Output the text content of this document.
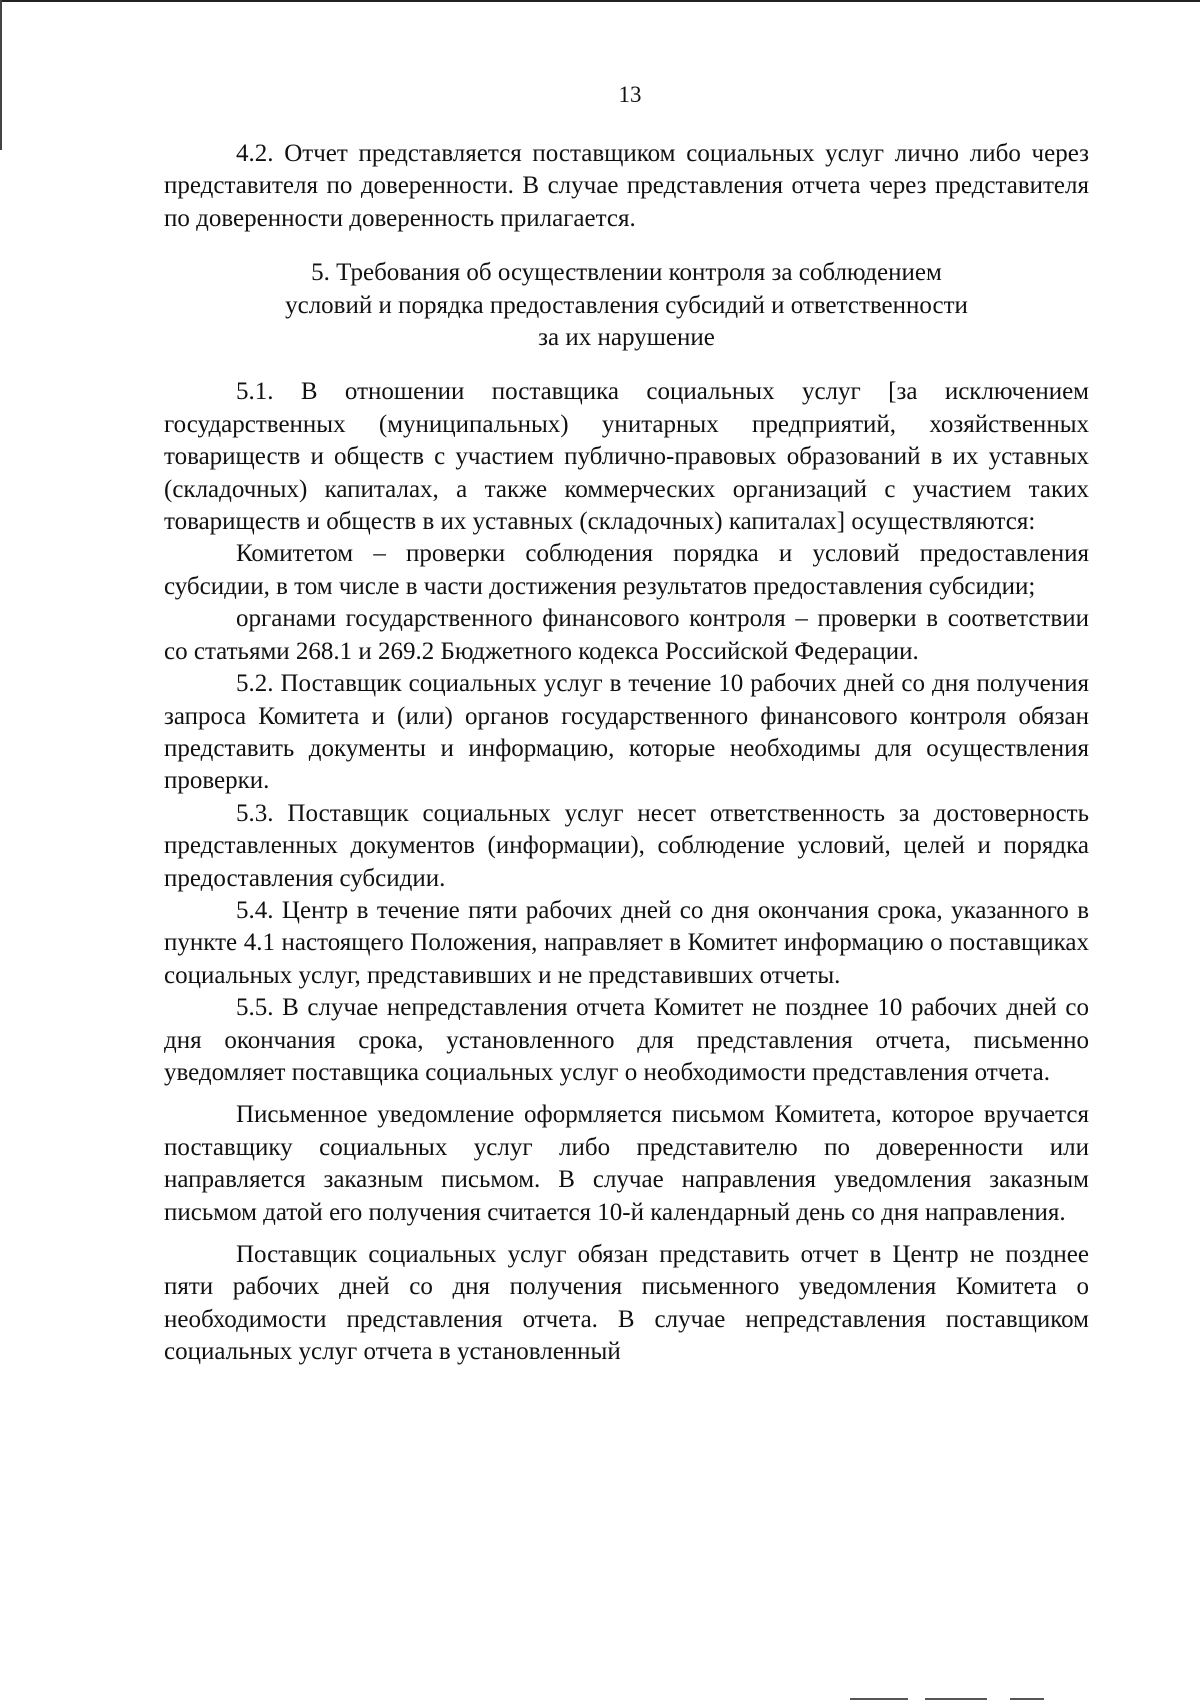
13

4.2. Отчет представляется поставщиком социальных услуг лично либо через представителя по доверенности. В случае представления отчета через представителя по доверенности доверенность прилагается.

5. Требования об осуществлении контроля за соблюдением
условий и порядка предоставления субсидий и ответственности
за их нарушение

5.1. В отношении поставщика социальных услуг [за исключением государственных (муниципальных) унитарных предприятий, хозяйственных товариществ и обществ с участием публично-правовых образований в их уставных (складочных) капиталах, а также коммерческих организаций с участием таких товариществ и обществ в их уставных (складочных) капиталах] осуществляются:

Комитетом – проверки соблюдения порядка и условий предоставления субсидии, в том числе в части достижения результатов предоставления субсидии;

органами государственного финансового контроля – проверки в соответствии со статьями 268.1 и 269.2 Бюджетного кодекса Российской Федерации.

5.2. Поставщик социальных услуг в течение 10 рабочих дней со дня получения запроса Комитета и (или) органов государственного финансового контроля обязан представить документы и информацию, которые необходимы для осуществления проверки.

5.3. Поставщик социальных услуг несет ответственность за достоверность представленных документов (информации), соблюдение условий, целей и порядка предоставления субсидии.

5.4. Центр в течение пяти рабочих дней со дня окончания срока, указанного в пункте 4.1 настоящего Положения, направляет в Комитет информацию о поставщиках социальных услуг, представивших и не представивших отчеты.

5.5. В случае непредставления отчета Комитет не позднее 10 рабочих дней со дня окончания срока, установленного для представления отчета, письменно уведомляет поставщика социальных услуг о необходимости представления отчета.

Письменное уведомление оформляется письмом Комитета, которое вручается поставщику социальных услуг либо представителю по доверенности или направляется заказным письмом. В случае направления уведомления заказным письмом датой его получения считается 10-й календарный день со дня направления.

Поставщик социальных услуг обязан представить отчет в Центр не позднее пяти рабочих дней со дня получения письменного уведомления Комитета о необходимости представления отчета. В случае непредставления поставщиком социальных услуг отчета в установленный
